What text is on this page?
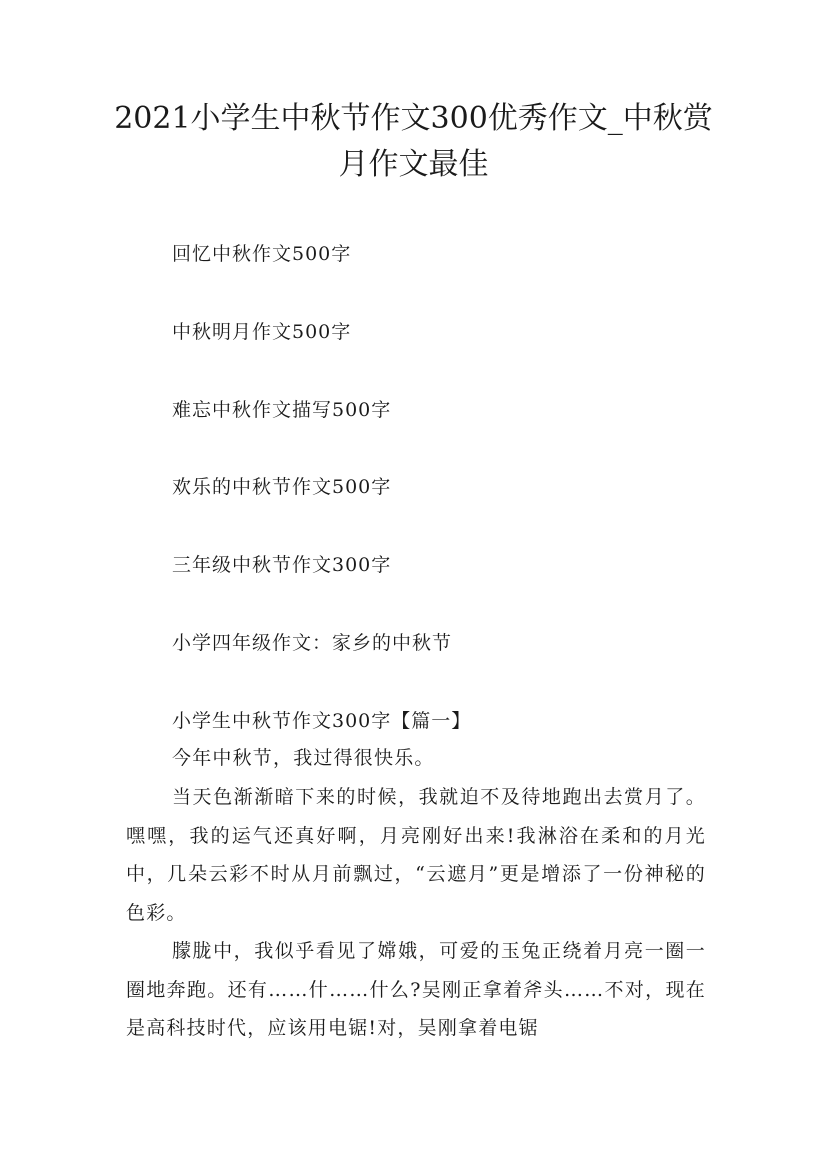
2021小学生中秋节作文300优秀作文_中秋赏月作文最佳

回忆中秋作文500字

中秋明月作文500字

难忘中秋作文描写500字

欢乐的中秋节作文500字

三年级中秋节作文300字

小学四年级作文：家乡的中秋节

小学生中秋节作文300字【篇一】

今年中秋节，我过得很快乐。

当天色渐渐暗下来的时候，我就迫不及待地跑出去赏月了。嘿嘿，我的运气还真好啊，月亮刚好出来!我淋浴在柔和的月光中，几朵云彩不时从月前飘过，“云遮月”更是增添了一份神秘的色彩。

朦胧中，我似乎看见了嫦娥，可爱的玉兔正绕着月亮一圈一圈地奔跑。还有……什……什么?吴刚正拿着斧头……不对，现在是高科技时代，应该用电锯!对，吴刚拿着电锯
